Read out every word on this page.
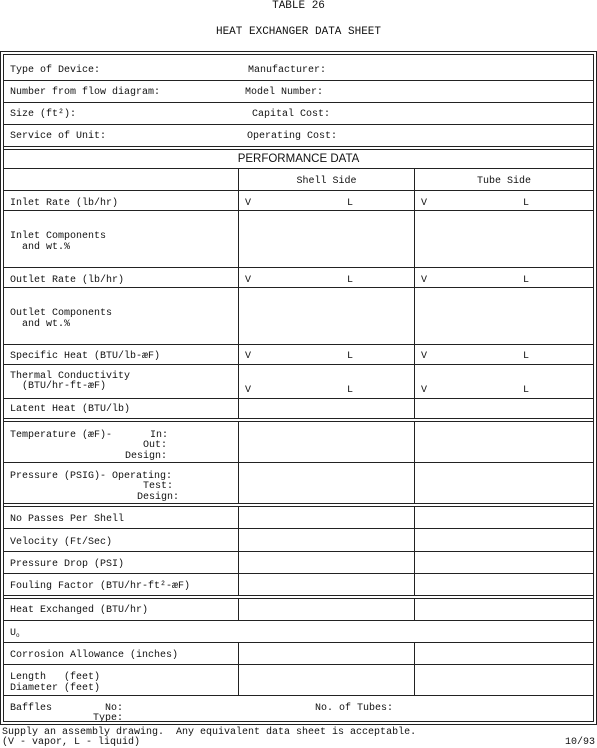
TABLE 26
HEAT EXCHANGER DATA SHEET
Type of Device:	Manufacturer:
Number from flow diagram:	Model Number:
Size (ft²):	Capital Cost:
Service of Unit:	Operating Cost:
PERFORMANCE DATA
Shell Side	Tube Side
Inlet Rate (lb/hr)	V	L	V	L
Inlet Components
and wt.%
Outlet Rate (lb/hr)	V	L	V	L
Outlet Components
and wt.%
Specific Heat (BTU/lb-æF)	V	L	V	L
Thermal Conductivity
(BTU/hr-ft-æF)	V	L	V	L
Latent Heat (BTU/lb)
Temperature (æF)-	In:
Out:
Design:
Pressure (PSIG)- Operating:
Test:
Design:
No Passes Per Shell
Velocity (Ft/Sec)
Pressure Drop (PSI)
Fouling Factor (BTU/hr-ft²-æF)
Heat Exchanged (BTU/hr)
$U_o$
Corrosion Allowance (inches)
Length   (feet)
Diameter (feet)
Baffles	No:
Type:
No. of Tubes:
Supply an assembly drawing.  Any equivalent data sheet is acceptable.
(V - vapor, L - liquid)	10/93
